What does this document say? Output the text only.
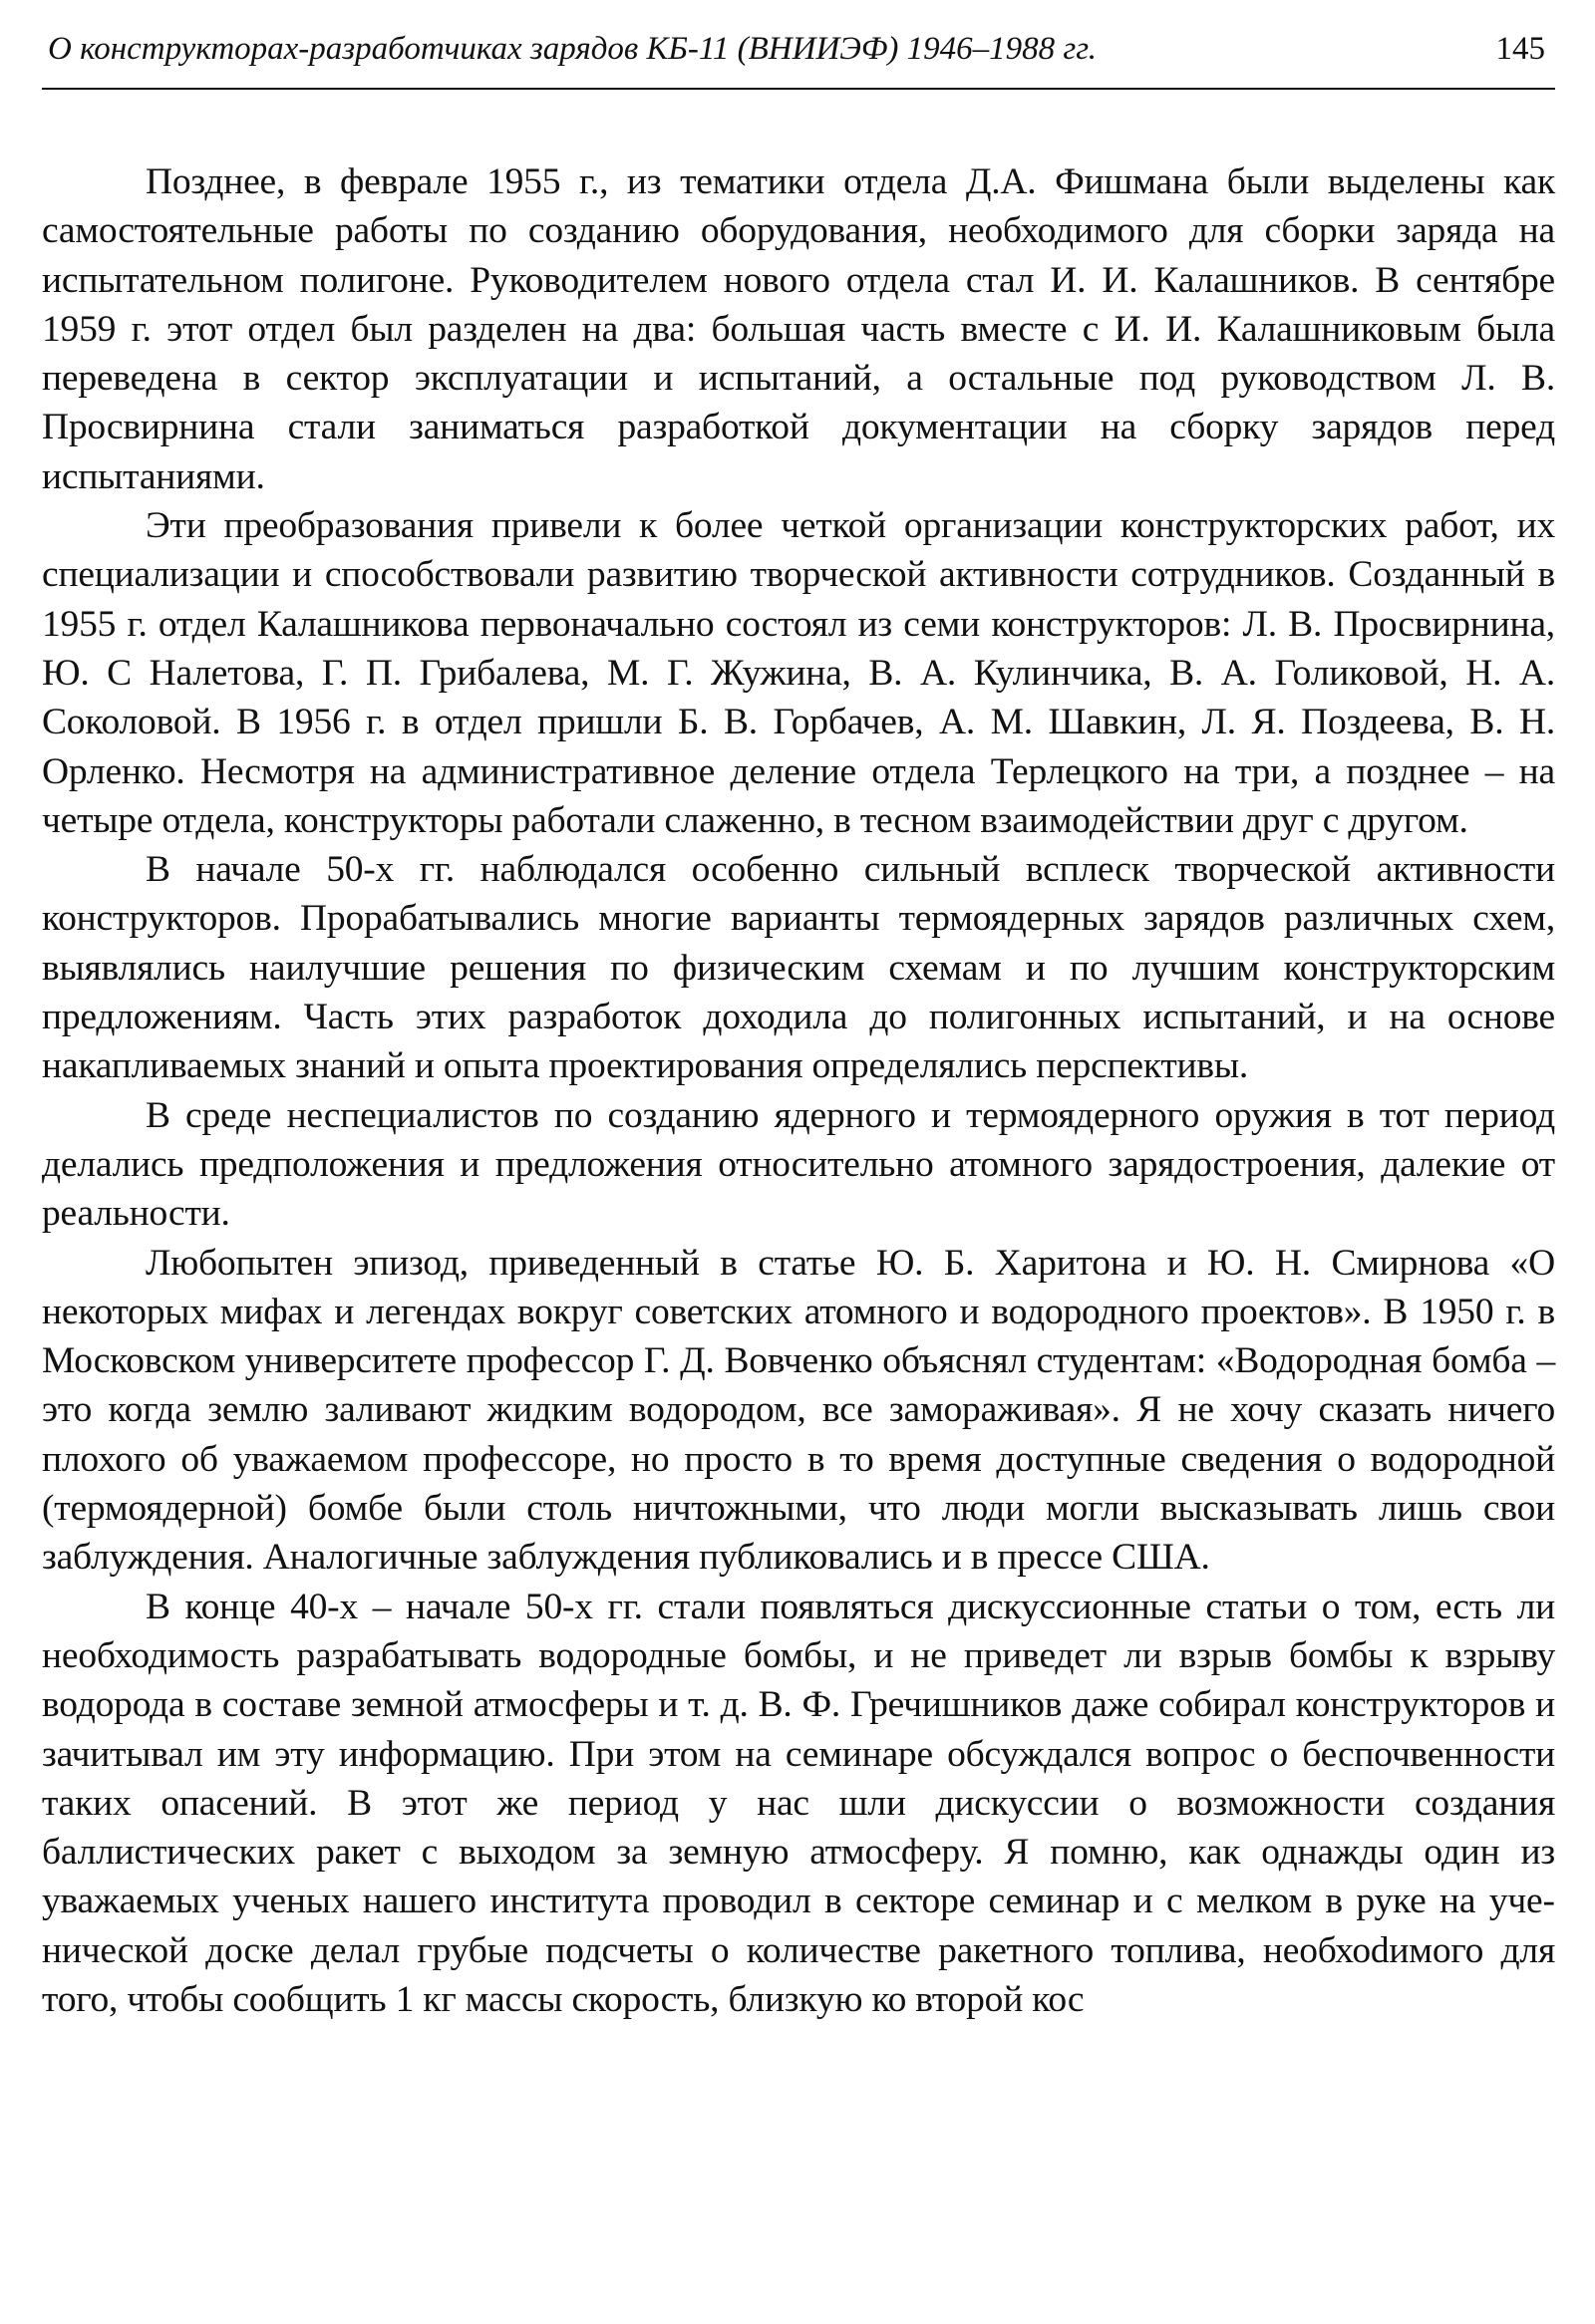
О конструкторах-разработчиках зарядов КБ-11 (ВНИИЭФ) 1946–1988 гг.	145

Позднее, в феврале 1955 г., из тематики отдела Д.А. Фишмана были выделены как самостоятельные работы по созданию оборудования, необходимого для сборки заряда на испытательном полигоне. Руководителем нового отдела стал И. И. Калашников. В сентябре 1959 г. этот отдел был разделен на два: большая часть вместе с И. И. Калашниковым была переведена в сектор эксплуатации и испытаний, а остальные под руководством Л. В. Просвирнина стали заниматься разработкой документации на сборку зарядов перед испытаниями.

Эти преобразования привели к более четкой организации конструкторских работ, их специализации и способствовали развитию творческой активности сотрудников. Созданный в 1955 г. отдел Калашникова первоначально состоял из семи конструкторов: Л. В. Просвирнина, Ю. С Налетова, Г. П. Грибалева, М. Г. Жужина, В. А. Кулинчика, В. А. Голиковой, Н. А. Соколовой. В 1956 г. в отдел пришли Б. В. Горбачев, А. М. Шавкин, Л. Я. Поздеева, В. Н. Орленко. Несмотря на административное деление отдела Терлецкого на три, а позднее – на четыре отдела, конструкторы работали слаженно, в тесном взаимодействии друг с другом.

В начале 50-х гг. наблюдался особенно сильный всплеск творческой активности конструкторов. Прорабатывались многие варианты термоядерных зарядов различных схем, выявлялись наилучшие решения по физическим схемам и по лучшим конструкторским предложениям. Часть этих разработок доходила до полигонных испытаний, и на основе накапливаемых знаний и опыта проектирования определялись перспективы.

В среде неспециалистов по созданию ядерного и термоядерного оружия в тот период делались предположения и предложения относительно атомного зарядостроения, далекие от реальности.

Любопытен эпизод, приведенный в статье Ю. Б. Харитона и Ю. Н. Смирнова «О некоторых мифах и легендах вокруг советских атомного и водородного проектов». В 1950 г. в Московском университете профессор Г. Д. Вовченко объяснял студентам: «Водородная бомба – это когда землю заливают жидким водородом, все замораживая». Я не хочу сказать ничего плохого об уважаемом профессоре, но просто в то время доступные сведения о водородной (термоядерной) бомбе были столь ничтожными, что люди могли высказывать лишь свои заблуждения. Аналогичные заблуждения публиковались и в прессе США.

В конце 40-х – начале 50-х гг. стали появляться дискуссионные статьи о том, есть ли необходимость разрабатывать водородные бомбы, и не приведет ли взрыв бомбы к взрыву водорода в составе земной атмосферы и т. д. В. Ф. Гречишников даже собирал конструкторов и зачитывал им эту информацию. При этом на семинаре обсуждался вопрос о беспочвенности таких опасений. В этот же период у нас шли дискуссии о возможности создания баллистических ракет с выходом за земную атмосферу. Я помню, как однажды один из уважаемых ученых нашего института проводил в секторе семинар и с мелком в руке на ученической доске делал грубые подсчеты о количестве ракетного топлива, необхоdимого для того, чтобы сообщить 1 кг массы скорость, близкую ко второй кос
